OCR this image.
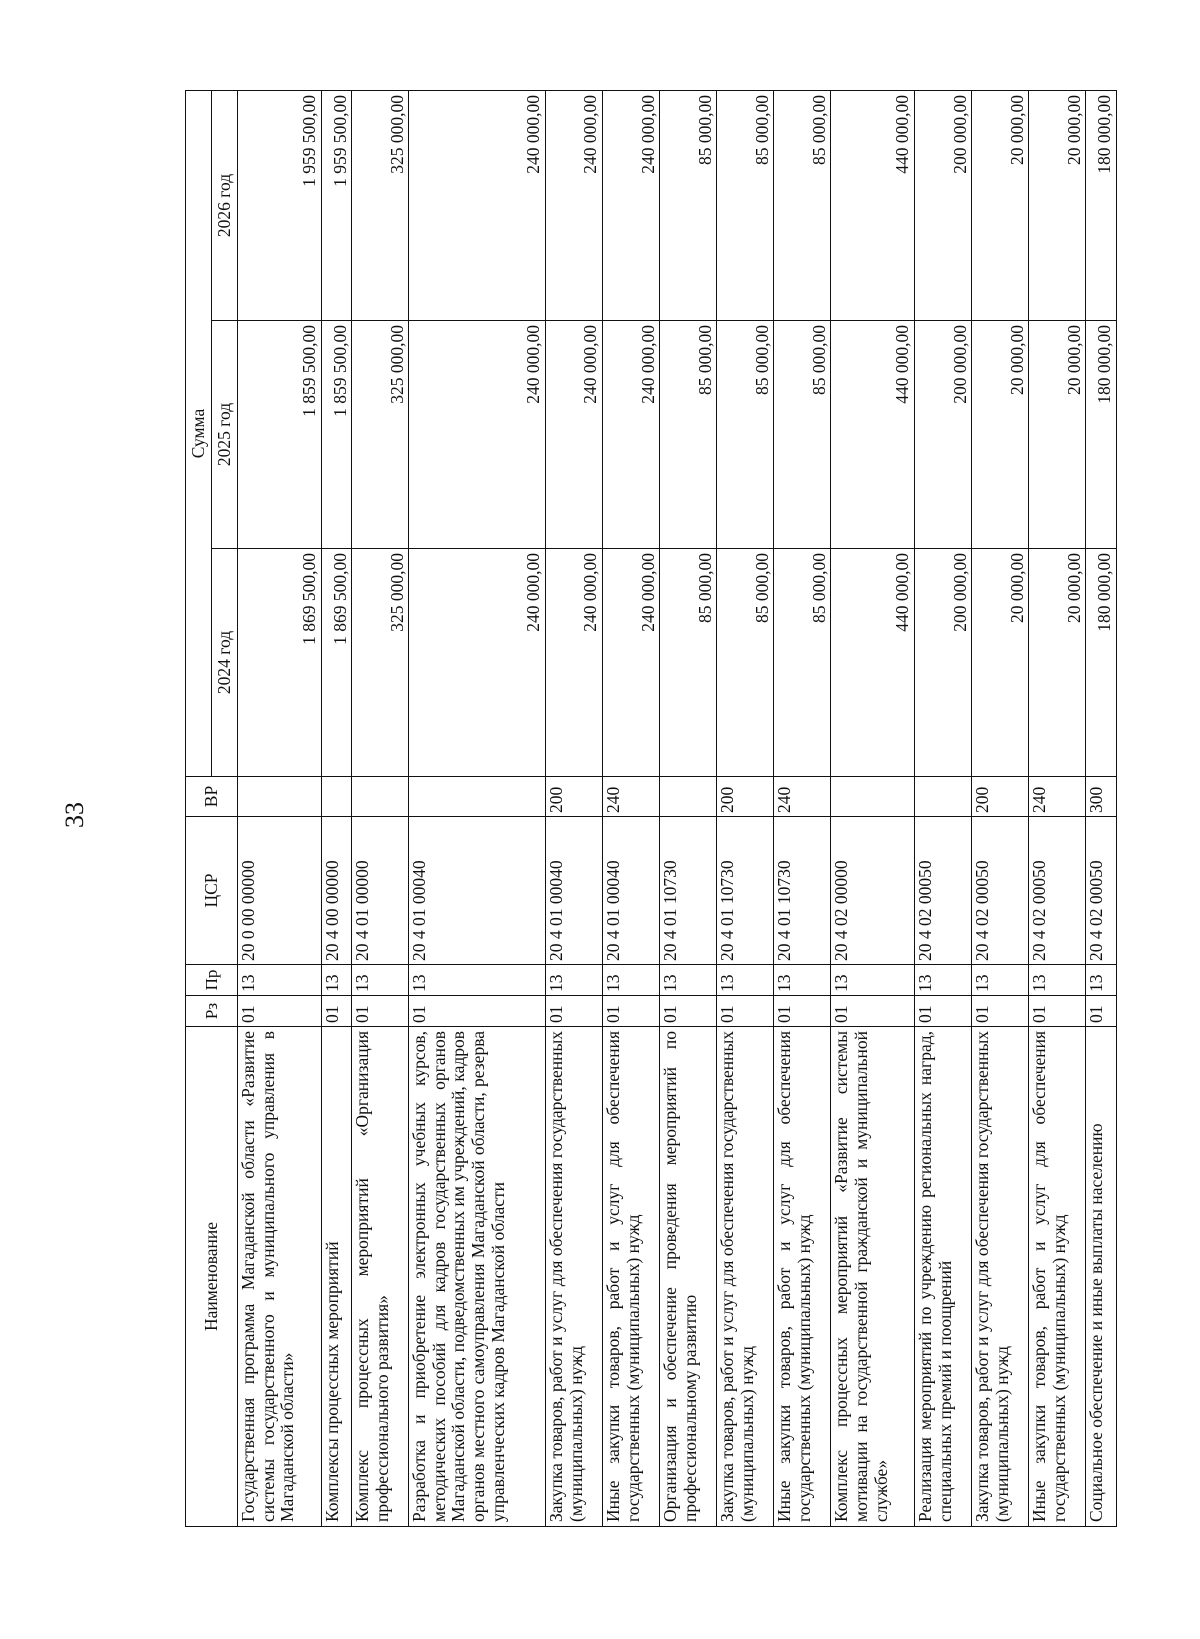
33
Наименование	Рз	Пр	ЦСР	ВР	Сумма		
					2024 год	2025 год	2026 год
Государственная программа Магаданской области «Развитие системы государственного и муниципального управления в Магаданской области»	01	13	20 0 00 00000		1 869 500,00	1 859 500,00	1 959 500,00
Комплексы процессных мероприятий	01	13	20 4 00 00000		1 869 500,00	1 859 500,00	1 959 500,00
Комплекс процессных мероприятий «Организация профессионального развития»	01	13	20 4 01 00000		325 000,00	325 000,00	325 000,00
Разработка и приобретение электронных учебных курсов, методических пособий для кадров государственных органов Магаданской области, подведомственных им учреждений, кадров органов местного самоуправления Магаданской области, резерва управленческих кадров Магаданской области	01	13	20 4 01 00040		240 000,00	240 000,00	240 000,00
Закупка товаров, работ и услуг для обеспечения государственных (муниципальных) нужд	01	13	20 4 01 00040	200	240 000,00	240 000,00	240 000,00
Иные закупки товаров, работ и услуг для обеспечения государственных (муниципальных) нужд	01	13	20 4 01 00040	240	240 000,00	240 000,00	240 000,00
Организация и обеспечение проведения мероприятий по профессиональному развитию	01	13	20 4 01 10730		85 000,00	85 000,00	85 000,00
Закупка товаров, работ и услуг для обеспечения государственных (муниципальных) нужд	01	13	20 4 01 10730	200	85 000,00	85 000,00	85 000,00
Иные закупки товаров, работ и услуг для обеспечения государственных (муниципальных) нужд	01	13	20 4 01 10730	240	85 000,00	85 000,00	85 000,00
Комплекс процессных мероприятий «Развитие системы мотивации на государственной гражданской и муниципальной службе»	01	13	20 4 02 00000		440 000,00	440 000,00	440 000,00
Реализация мероприятий по учреждению региональных наград, специальных премий и поощрений	01	13	20 4 02 00050		200 000,00	200 000,00	200 000,00
Закупка товаров, работ и услуг для обеспечения государственных (муниципальных) нужд	01	13	20 4 02 00050	200	20 000,00	20 000,00	20 000,00
Иные закупки товаров, работ и услуг для обеспечения государственных (муниципальных) нужд	01	13	20 4 02 00050	240	20 000,00	20 000,00	20 000,00
Социальное обеспечение и иные выплаты населению	01	13	20 4 02 00050	300	180 000,00	180 000,00	180 000,00
